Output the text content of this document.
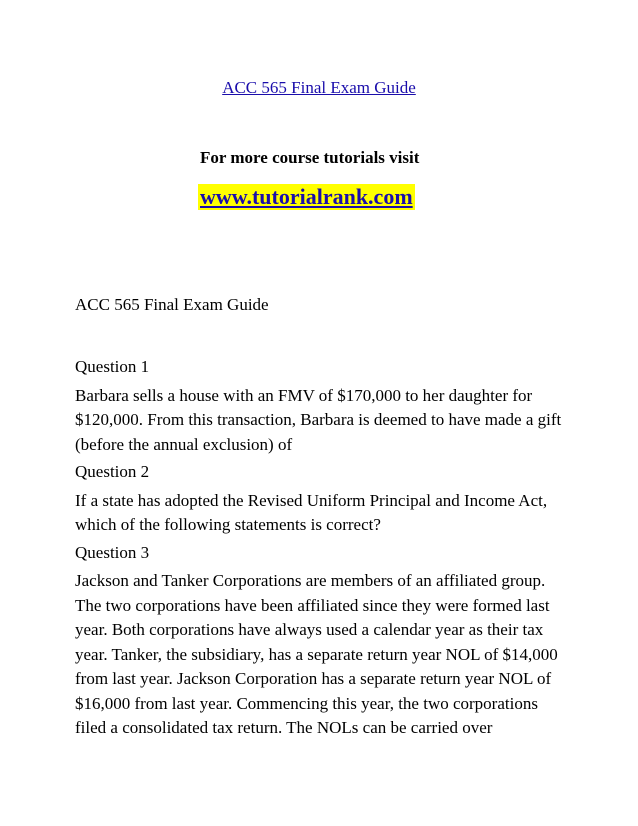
ACC 565 Final Exam Guide
For more course tutorials visit
www.tutorialrank.com
ACC 565 Final Exam Guide
Question 1
Barbara sells a house with an FMV of $170,000 to her daughter for $120,000. From this transaction, Barbara is deemed to have made a gift (before the annual exclusion) of
Question 2
If a state has adopted the Revised Uniform Principal and Income Act, which of the following statements is correct?
Question 3
Jackson and Tanker Corporations are members of an affiliated group. The two corporations have been affiliated since they were formed last year. Both corporations have always used a calendar year as their tax year. Tanker, the subsidiary, has a separate return year NOL of $14,000 from last year. Jackson Corporation has a separate return year NOL of $16,000 from last year. Commencing this year, the two corporations filed a consolidated tax return. The NOLs can be carried over
